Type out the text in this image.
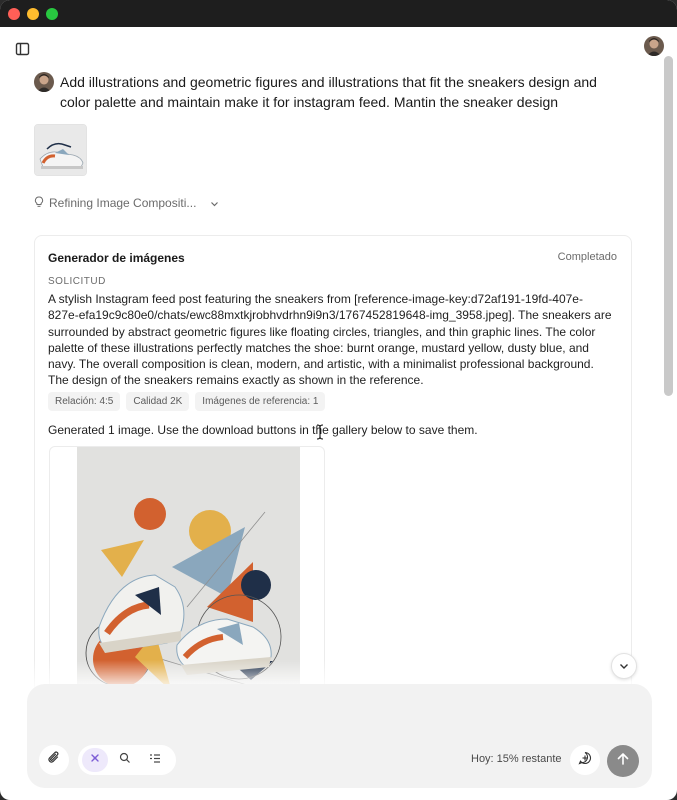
Add illustrations and geometric figures and illustrations that fit the sneakers design and color palette and maintain make it for instagram feed. Mantin the sneaker design
Refining Image Compositi...
Generador de imágenes	Completado
SOLICITUD
A stylish Instagram feed post featuring the sneakers from [reference-image-key:d72af191-19fd-407e-827e-efa19c9c80e0/chats/ewc88mxtkjrobhvdrhn9i9n3/1767452819648-img_3958.jpeg]. The sneakers are surrounded by abstract geometric figures like floating circles, triangles, and thin graphic lines. The color palette of these illustrations perfectly matches the shoe: burnt orange, mustard yellow, dusty blue, and navy. The overall composition is clean, modern, and artistic, with a minimalist professional background. The design of the sneakers remains exactly as shown in the reference.
Relación: 4:5	Calidad 2K	Imágenes de referencia: 1
Generated 1 image. Use the download buttons in the gallery below to save them.
Hoy: 15% restante
